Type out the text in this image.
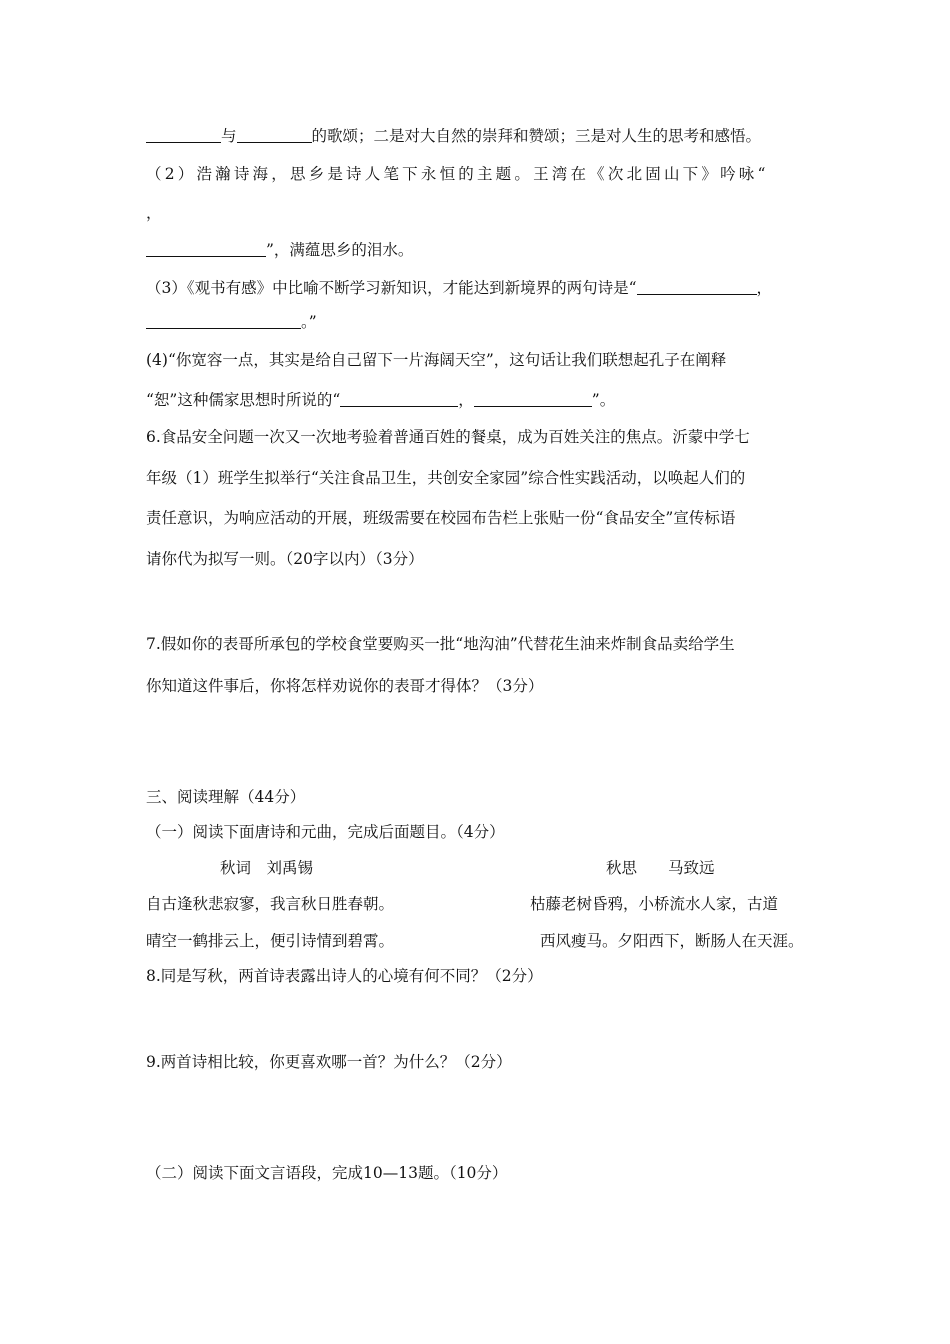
与	的歌颂；二是对大自然的崇拜和赞颂；三是对人生的思考和感悟。
（2）浩瀚诗海，思乡是诗人笔下永恒的主题。王湾在《次北固山下》吟咏“
，
”，满蕴思乡的泪水。
（3）《观书有感》中比喻不断学习新知识，才能达到新境界的两句诗是“	，
。”
(4)“你宽容一点，其实是给自己留下一片海阔天空”，这句话让我们联想起孔子在阐释
“恕”这种儒家思想时所说的“	，	”。
6.食品安全问题一次又一次地考验着普通百姓的餐桌，成为百姓关注的焦点。沂蒙中学七
年级（1）班学生拟举行“关注食品卫生，共创安全家园”综合性实践活动，以唤起人们的
责任意识，为响应活动的开展，班级需要在校园布告栏上张贴一份“食品安全”宣传标语
请你代为拟写一则。（20字以内）（3分）
7.假如你的表哥所承包的学校食堂要购买一批“地沟油”代替花生油来炸制食品卖给学生
你知道这件事后，你将怎样劝说你的表哥才得体？（3分）
三、阅读理解（44分）
（一）阅读下面唐诗和元曲，完成后面题目。（4分）
秋词　刘禹锡	秋思　　马致远
自古逢秋悲寂寥，我言秋日胜春朝。	枯藤老树昏鸦，小桥流水人家，古道
晴空一鹤排云上，便引诗情到碧霄。	西风瘦马。夕阳西下，断肠人在天涯。
8.同是写秋，两首诗表露出诗人的心境有何不同？（2分）
9.两首诗相比较，你更喜欢哪一首？为什么？（2分）
（二）阅读下面文言语段，完成10—13题。（10分）
